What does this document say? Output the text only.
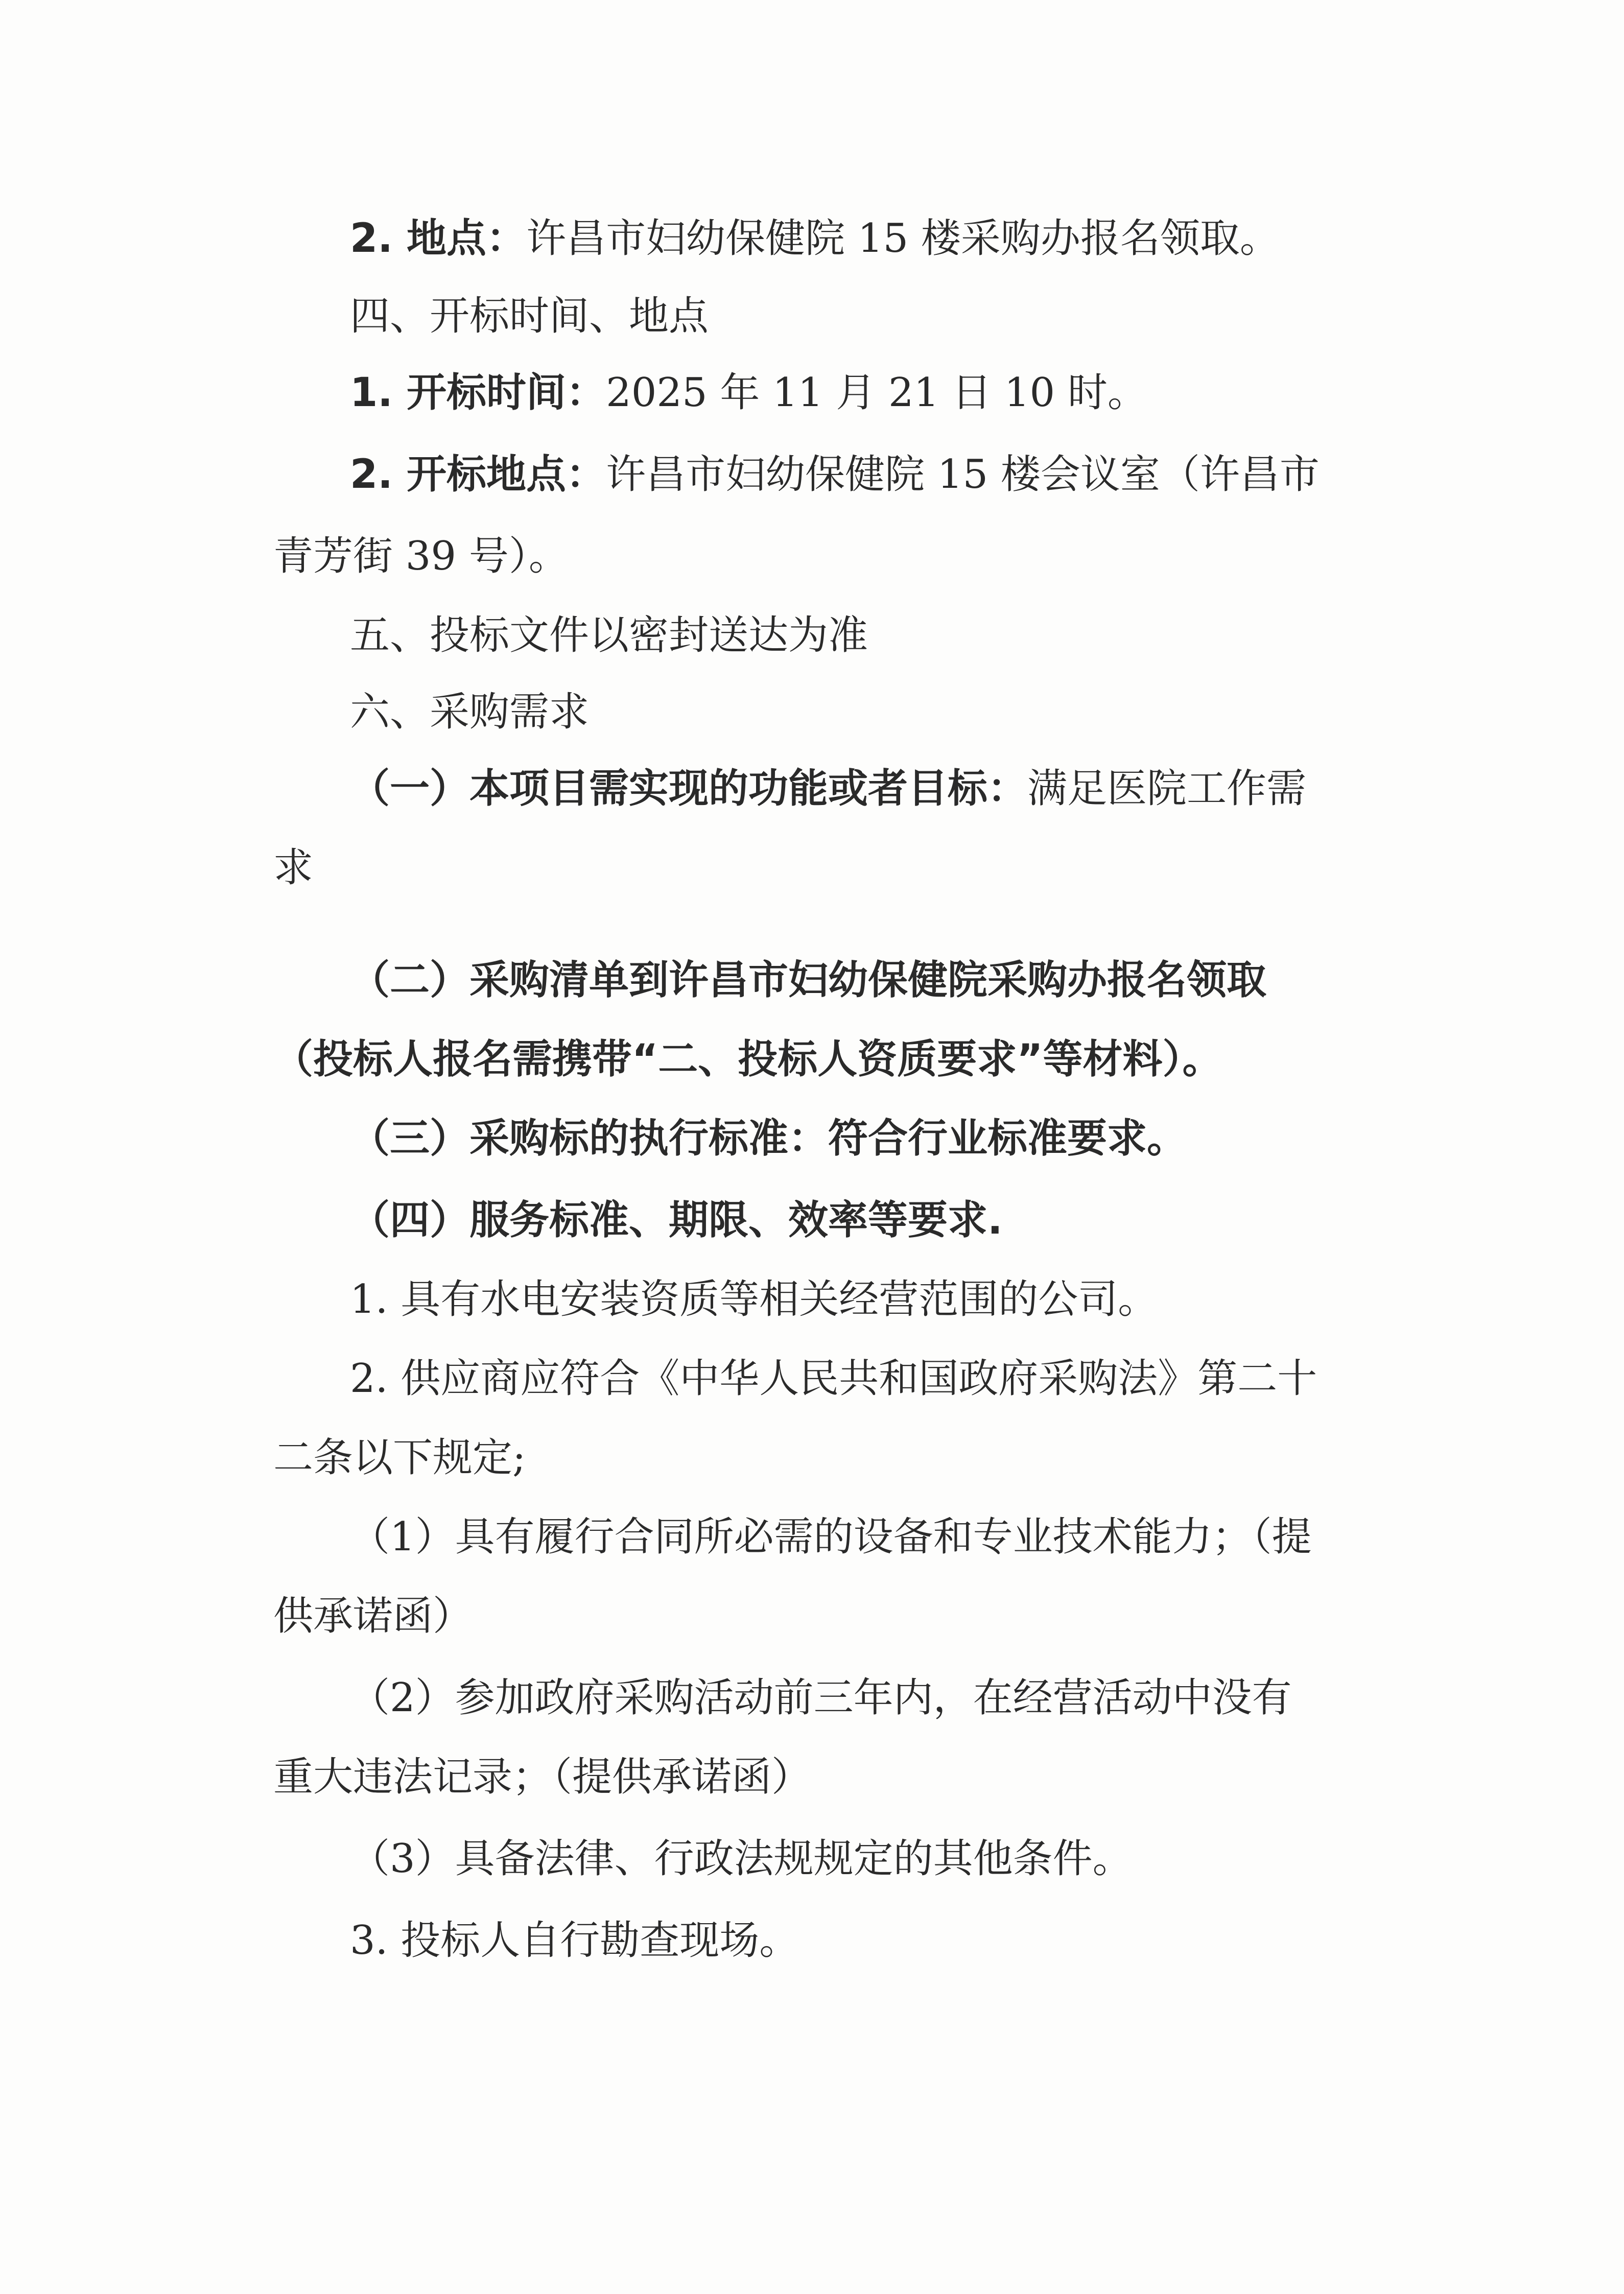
2. 地点：许昌市妇幼保健院 15 楼采购办报名领取。
四、开标时间、地点
1. 开标时间：2025 年 11 月 21 日 10 时。
2. 开标地点：许昌市妇幼保健院 15 楼会议室（许昌市
青芳街 39 号）。
五、投标文件以密封送达为准
六、采购需求
（一）本项目需实现的功能或者目标：满足医院工作需
求
（二）采购清单到许昌市妇幼保健院采购办报名领取
（投标人报名需携带“二、投标人资质要求”等材料）。
（三）采购标的执行标准：符合行业标准要求。
（四）服务标准、期限、效率等要求.
1. 具有水电安装资质等相关经营范围的公司。
2. 供应商应符合《中华人民共和国政府采购法》第二十
二条以下规定;
（1）具有履行合同所必需的设备和专业技术能力；（提
供承诺函）
（2）参加政府采购活动前三年内，在经营活动中没有
重大违法记录；（提供承诺函）
（3）具备法律、行政法规规定的其他条件。
3. 投标人自行勘查现场。
